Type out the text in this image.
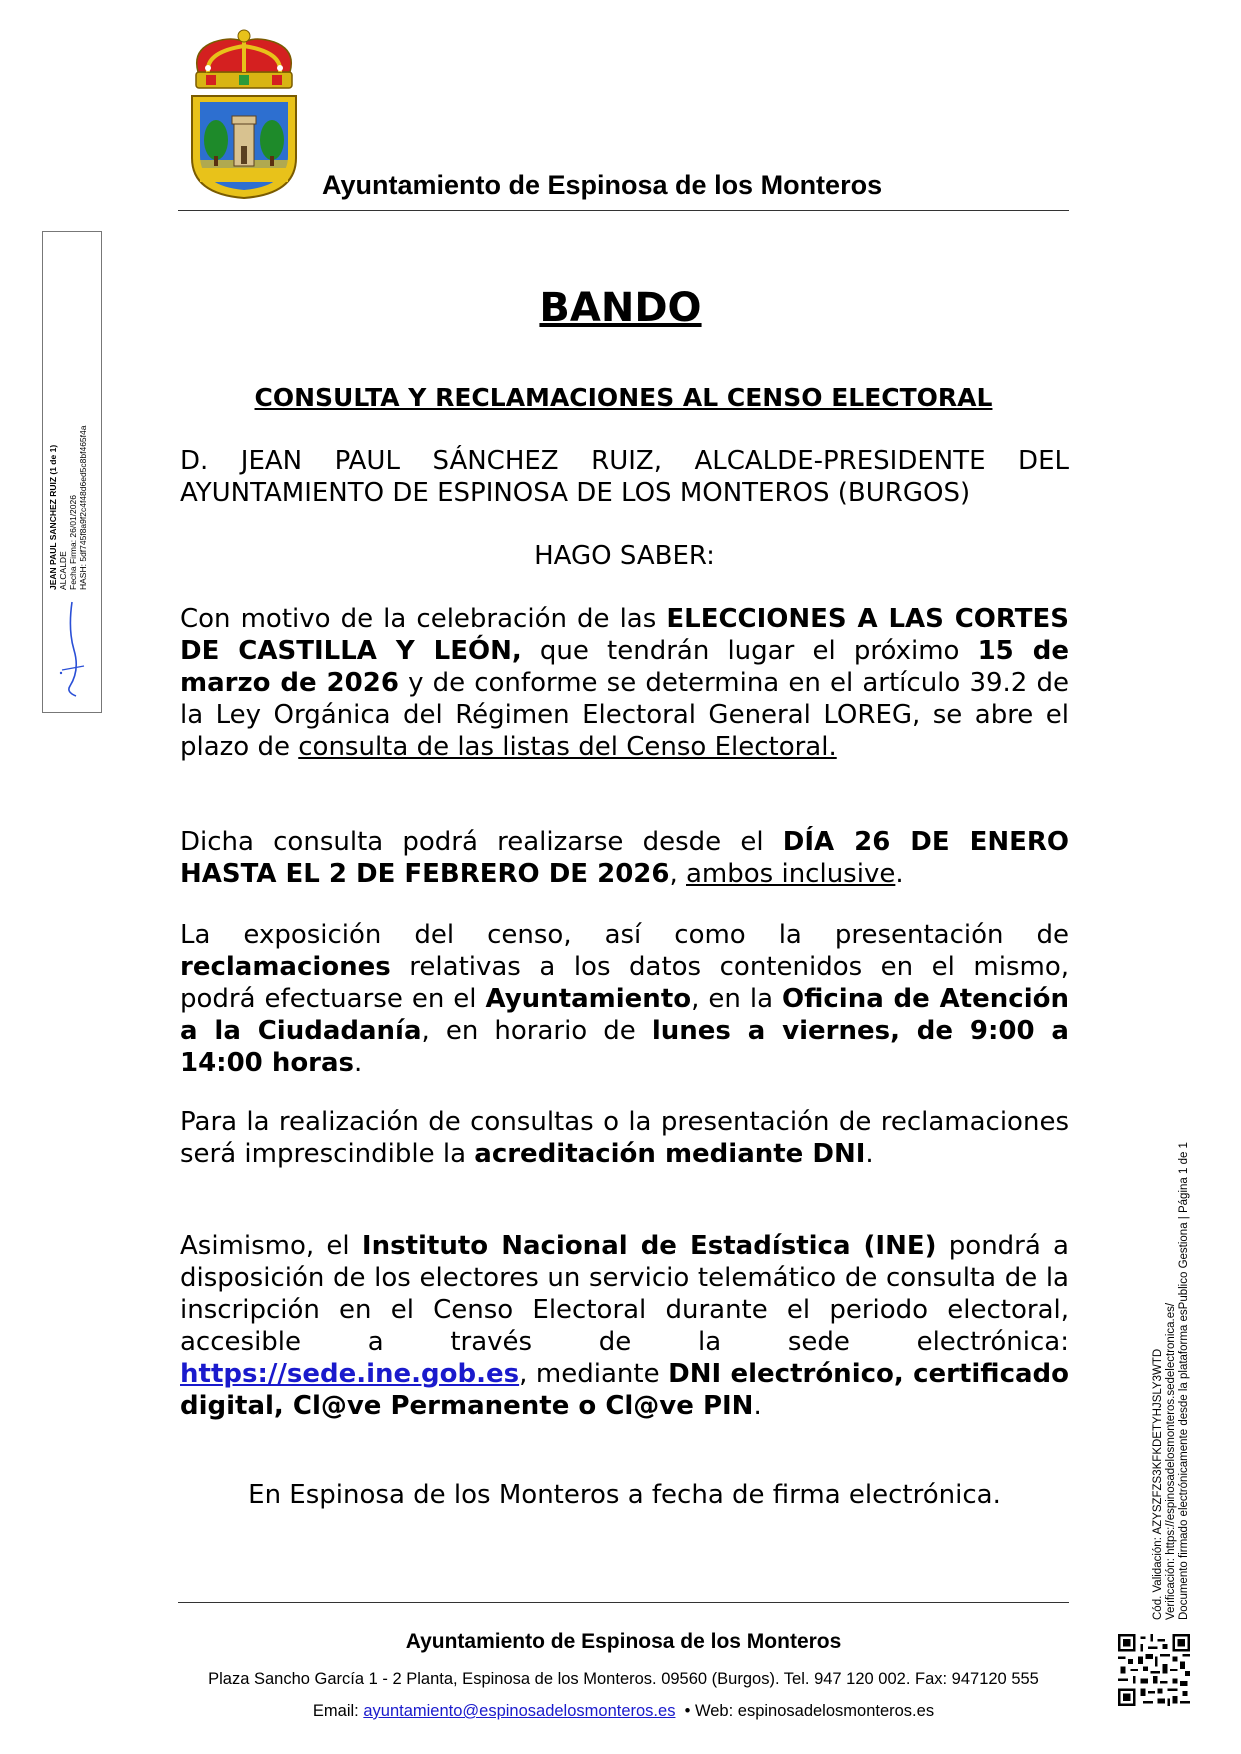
Ayuntamiento de Espinosa de los Monteros
JEAN PAUL SANCHEZ RUIZ (1 de 1) ALCALDE Fecha Firma: 26/01/2026 HASH: 5df745f8a9f2c4f48d6ed5c8bf465f4a
Cód. Validación: AZYSZFZS3KFKDETYHJSLY3WTD Verificación: https://espinosadelosmonteros.sedelectronica.es/ Documento firmado electrónicamente desde la plataforma esPublico Gestiona | Página 1 de 1
BANDO
CONSULTA Y RECLAMACIONES AL CENSO ELECTORAL
D. JEAN PAUL SÁNCHEZ RUIZ, ALCALDE-PRESIDENTE DEL
AYUNTAMIENTO DE ESPINOSA DE LOS MONTEROS (BURGOS)
HAGO SABER:
Con motivo de la celebración de las ELECCIONES A LAS CORTES DE CASTILLA Y LEÓN, que tendrán lugar el próximo 15 de marzo de 2026 y de conforme se determina en el artículo 39.2 de la Ley Orgánica del Régimen Electoral General LOREG, se abre el plazo de consulta de las listas del Censo Electoral.
Dicha consulta podrá realizarse desde el DÍA 26 DE ENERO HASTA EL 2 DE FEBRERO DE 2026, ambos inclusive.
La exposición del censo, así como la presentación de reclamaciones relativas a los datos contenidos en el mismo, podrá efectuarse en el Ayuntamiento, en la Oficina de Atención a la Ciudadanía, en horario de lunes a viernes, de 9:00 a 14:00 horas.
Para la realización de consultas o la presentación de reclamaciones será imprescindible la acreditación mediante DNI.
Asimismo, el Instituto Nacional de Estadística (INE) pondrá a disposición de los electores un servicio telemático de consulta de la inscripción en el Censo Electoral durante el periodo electoral, accesible a través de la sede electrónica: https://sede.ine.gob.es, mediante DNI electrónico, certificado digital, Cl@ve Permanente o Cl@ve PIN.
En Espinosa de los Monteros a fecha de firma electrónica.
Ayuntamiento de Espinosa de los Monteros
Plaza Sancho García 1 - 2 Planta, Espinosa de los Monteros. 09560 (Burgos). Tel. 947 120 002. Fax: 947120 555
Email: ayuntamiento@espinosadelosmonteros.es  • Web: espinosadelosmonteros.es
